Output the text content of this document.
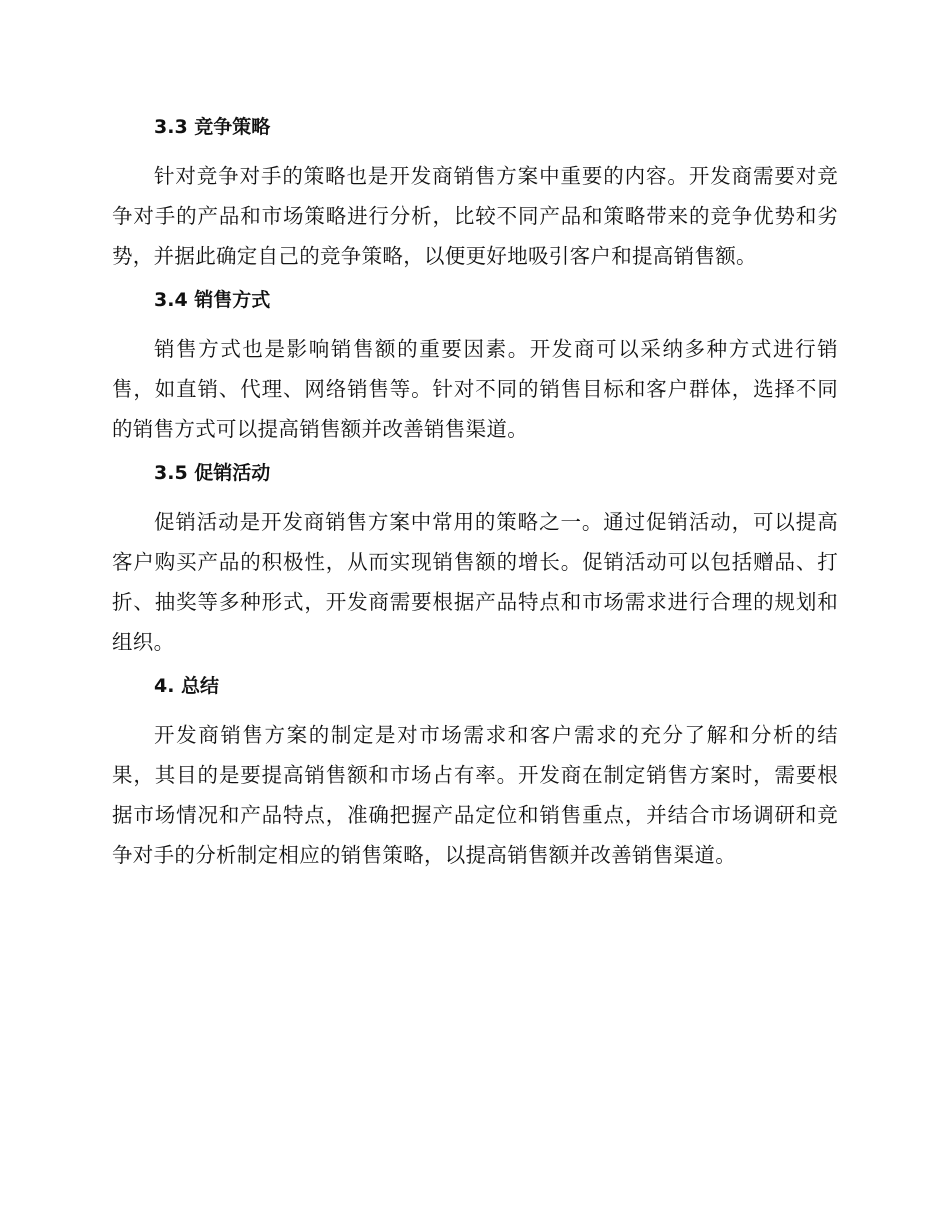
3.3 竞争策略

针对竞争对手的策略也是开发商销售方案中重要的内容。开发商需要对竞争对手的产品和市场策略进行分析，比较不同产品和策略带来的竞争优势和劣势，并据此确定自己的竞争策略，以便更好地吸引客户和提高销售额。

3.4 销售方式

销售方式也是影响销售额的重要因素。开发商可以采纳多种方式进行销售，如直销、代理、网络销售等。针对不同的销售目标和客户群体，选择不同的销售方式可以提高销售额并改善销售渠道。

3.5 促销活动

促销活动是开发商销售方案中常用的策略之一。通过促销活动，可以提高客户购买产品的积极性，从而实现销售额的增长。促销活动可以包括赠品、打折、抽奖等多种形式，开发商需要根据产品特点和市场需求进行合理的规划和组织。

4. 总结

开发商销售方案的制定是对市场需求和客户需求的充分了解和分析的结果，其目的是要提高销售额和市场占有率。开发商在制定销售方案时，需要根据市场情况和产品特点，准确把握产品定位和销售重点，并结合市场调研和竞争对手的分析制定相应的销售策略，以提高销售额并改善销售渠道。
